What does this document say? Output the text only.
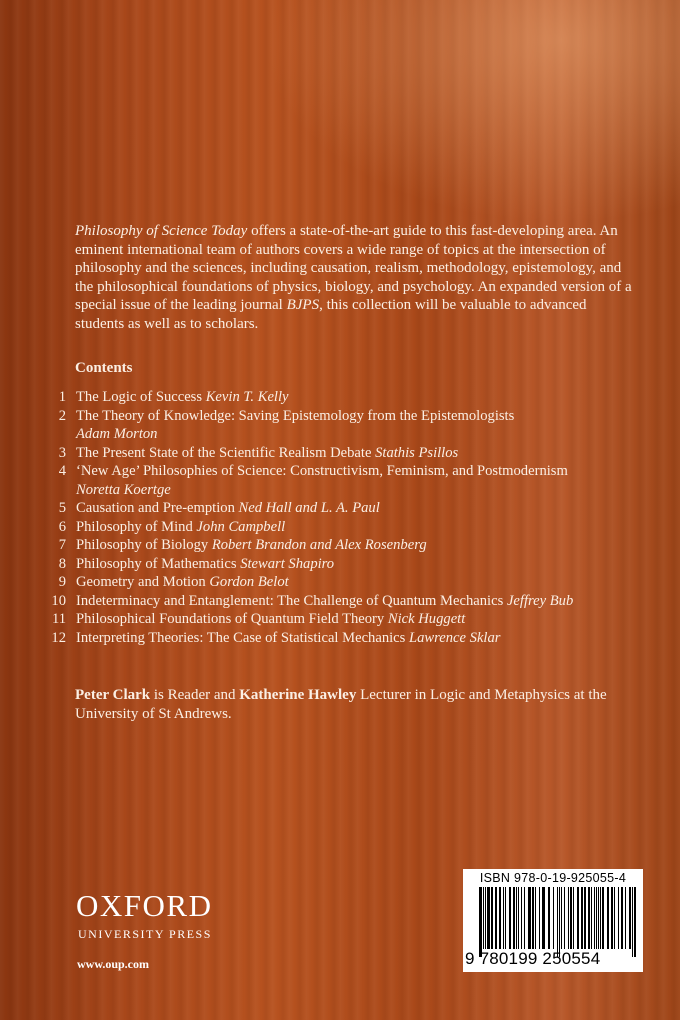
Philosophy of Science Today offers a state-of-the-art guide to this fast-developing area. An eminent international team of authors covers a wide range of topics at the intersection of philosophy and the sciences, including causation, realism, methodology, epistemology, and the philosophical foundations of physics, biology, and psychology. An expanded version of a special issue of the leading journal BJPS, this collection will be valuable to advanced students as well as to scholars.
Contents
1 The Logic of Success Kevin T. Kelly
2 The Theory of Knowledge: Saving Epistemology from the Epistemologists
Adam Morton
3 The Present State of the Scientific Realism Debate Stathis Psillos
4 ‘New Age’ Philosophies of Science: Constructivism, Feminism, and Postmodernism
Noretta Koertge
5 Causation and Pre-emption Ned Hall and L. A. Paul
6 Philosophy of Mind John Campbell
7 Philosophy of Biology Robert Brandon and Alex Rosenberg
8 Philosophy of Mathematics Stewart Shapiro
9 Geometry and Motion Gordon Belot
10 Indeterminacy and Entanglement: The Challenge of Quantum Mechanics Jeffrey Bub
11 Philosophical Foundations of Quantum Field Theory Nick Huggett
12 Interpreting Theories: The Case of Statistical Mechanics Lawrence Sklar
Peter Clark is Reader and Katherine Hawley Lecturer in Logic and Metaphysics at the University of St Andrews.
OXFORD
UNIVERSITY PRESS
www.oup.com
ISBN 978-0-19-925055-4
9 780199 250554
